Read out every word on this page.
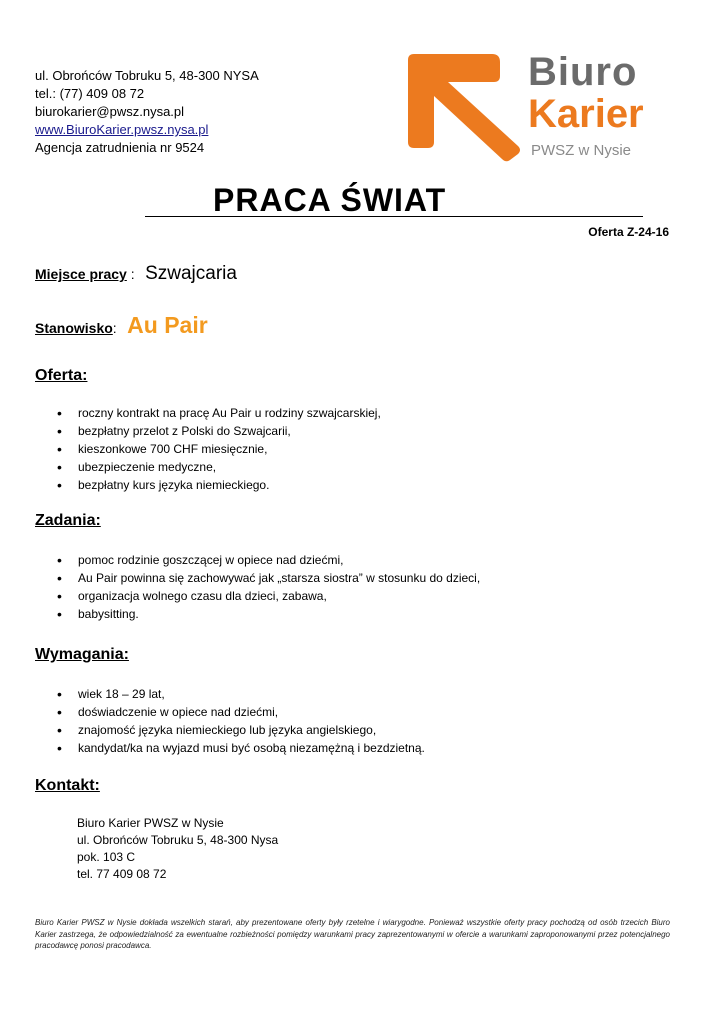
ul. Obrońców Tobruku 5, 48-300 NYSA
tel.: (77) 409 08 72
biurokarier@pwsz.nysa.pl
www.BiuroKarier.pwsz.nysa.pl
Agencja zatrudnienia nr 9524
Biuro
Karier
PWSZ w Nysie
PRACA ŚWIAT
Oferta Z-24-16
Miejsce pracy : Szwajcaria
Stanowisko: Au Pair
Oferta:
• roczny kontrakt na pracę Au Pair u rodziny szwajcarskiej,
• bezpłatny przelot z Polski do Szwajcarii,
• kieszonkowe 700 CHF miesięcznie,
• ubezpieczenie medyczne,
• bezpłatny kurs języka niemieckiego.
Zadania:
• pomoc rodzinie goszczącej w opiece nad dziećmi,
• Au Pair powinna się zachowywać jak „starsza siostra” w stosunku do dzieci,
• organizacja wolnego czasu dla dzieci, zabawa,
• babysitting.
Wymagania:
• wiek 18 – 29 lat,
• doświadczenie w opiece nad dziećmi,
• znajomość języka niemieckiego lub języka angielskiego,
• kandydat/ka na wyjazd musi być osobą niezamężną i bezdzietną.
Kontakt:
Biuro Karier PWSZ w Nysie
ul. Obrońców Tobruku 5, 48-300 Nysa
pok. 103 C
tel. 77 409 08 72
Biuro Karier PWSZ w Nysie dokłada wszelkich starań, aby prezentowane oferty były rzetelne i wiarygodne. Ponieważ wszystkie oferty pracy pochodzą od osób trzecich Biuro Karier zastrzega, że odpowiedzialność za ewentualne rozbieżności pomiędzy warunkami pracy zaprezentowanymi w ofercie a warunkami zaproponowanymi przez potencjalnego pracodawcę ponosi pracodawca.
